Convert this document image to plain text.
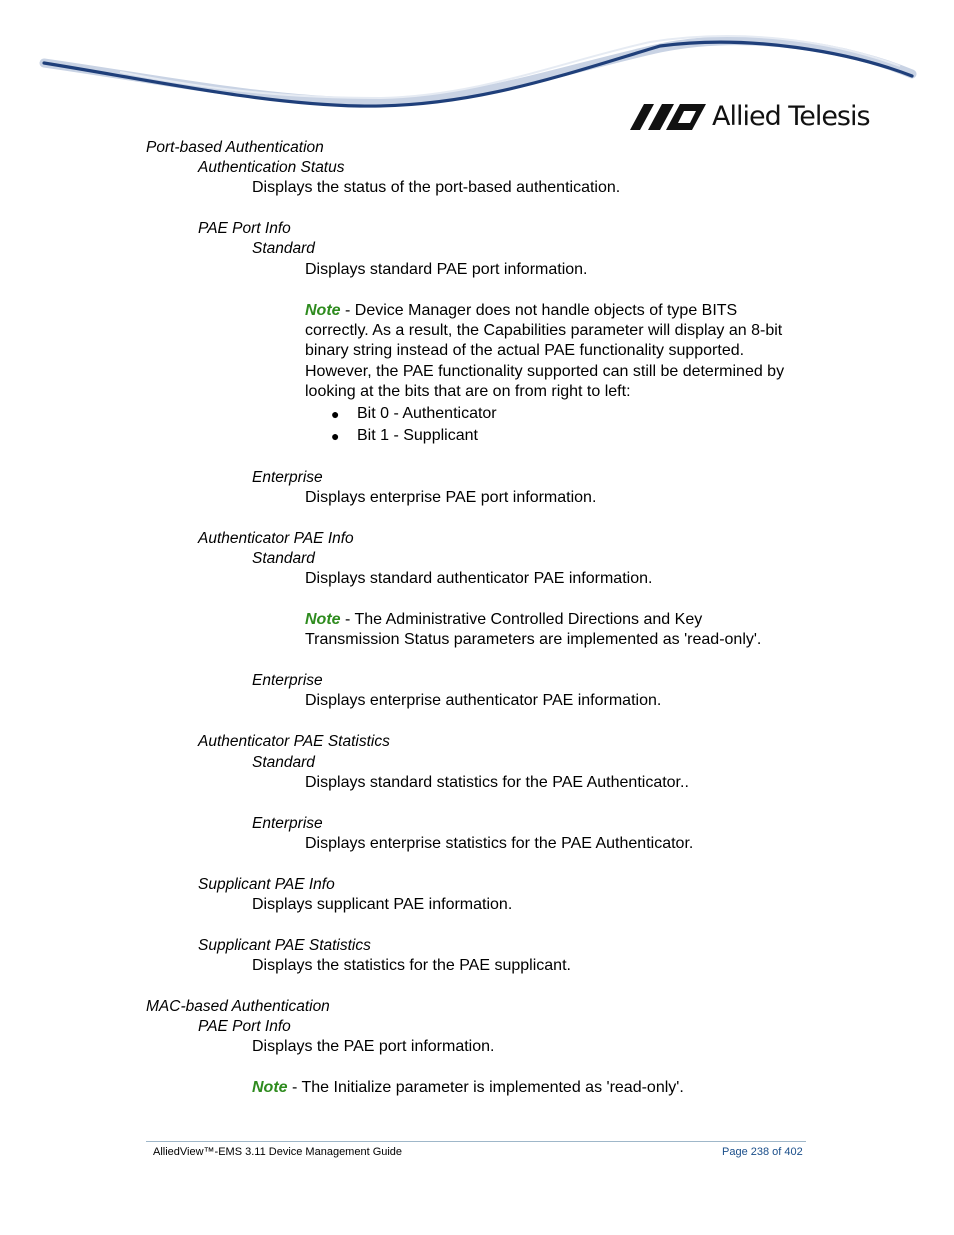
Allied Telesis
Port-based Authentication
Authentication Status
Displays the status of the port-based authentication.
PAE Port Info
Standard
Displays standard PAE port information.
Note - Device Manager does not handle objects of type BITS
correctly. As a result, the Capabilities parameter will display an 8-bit
binary string instead of the actual PAE functionality supported.
However, the PAE functionality supported can still be determined by
looking at the bits that are on from right to left:
● Bit 0 - Authenticator
● Bit 1 - Supplicant
Enterprise
Displays enterprise PAE port information.
Authenticator PAE Info
Standard
Displays standard authenticator PAE information.
Note - The Administrative Controlled Directions and Key
Transmission Status parameters are implemented as 'read-only'.
Enterprise
Displays enterprise authenticator PAE information.
Authenticator PAE Statistics
Standard
Displays standard statistics for the PAE Authenticator..
Enterprise
Displays enterprise statistics for the PAE Authenticator.
Supplicant PAE Info
Displays supplicant PAE information.
Supplicant PAE Statistics
Displays the statistics for the PAE supplicant.
MAC-based Authentication
PAE Port Info
Displays the PAE port information.
Note - The Initialize parameter is implemented as 'read-only'.
AlliedView™-EMS 3.11 Device Management Guide	Page 238 of 402
